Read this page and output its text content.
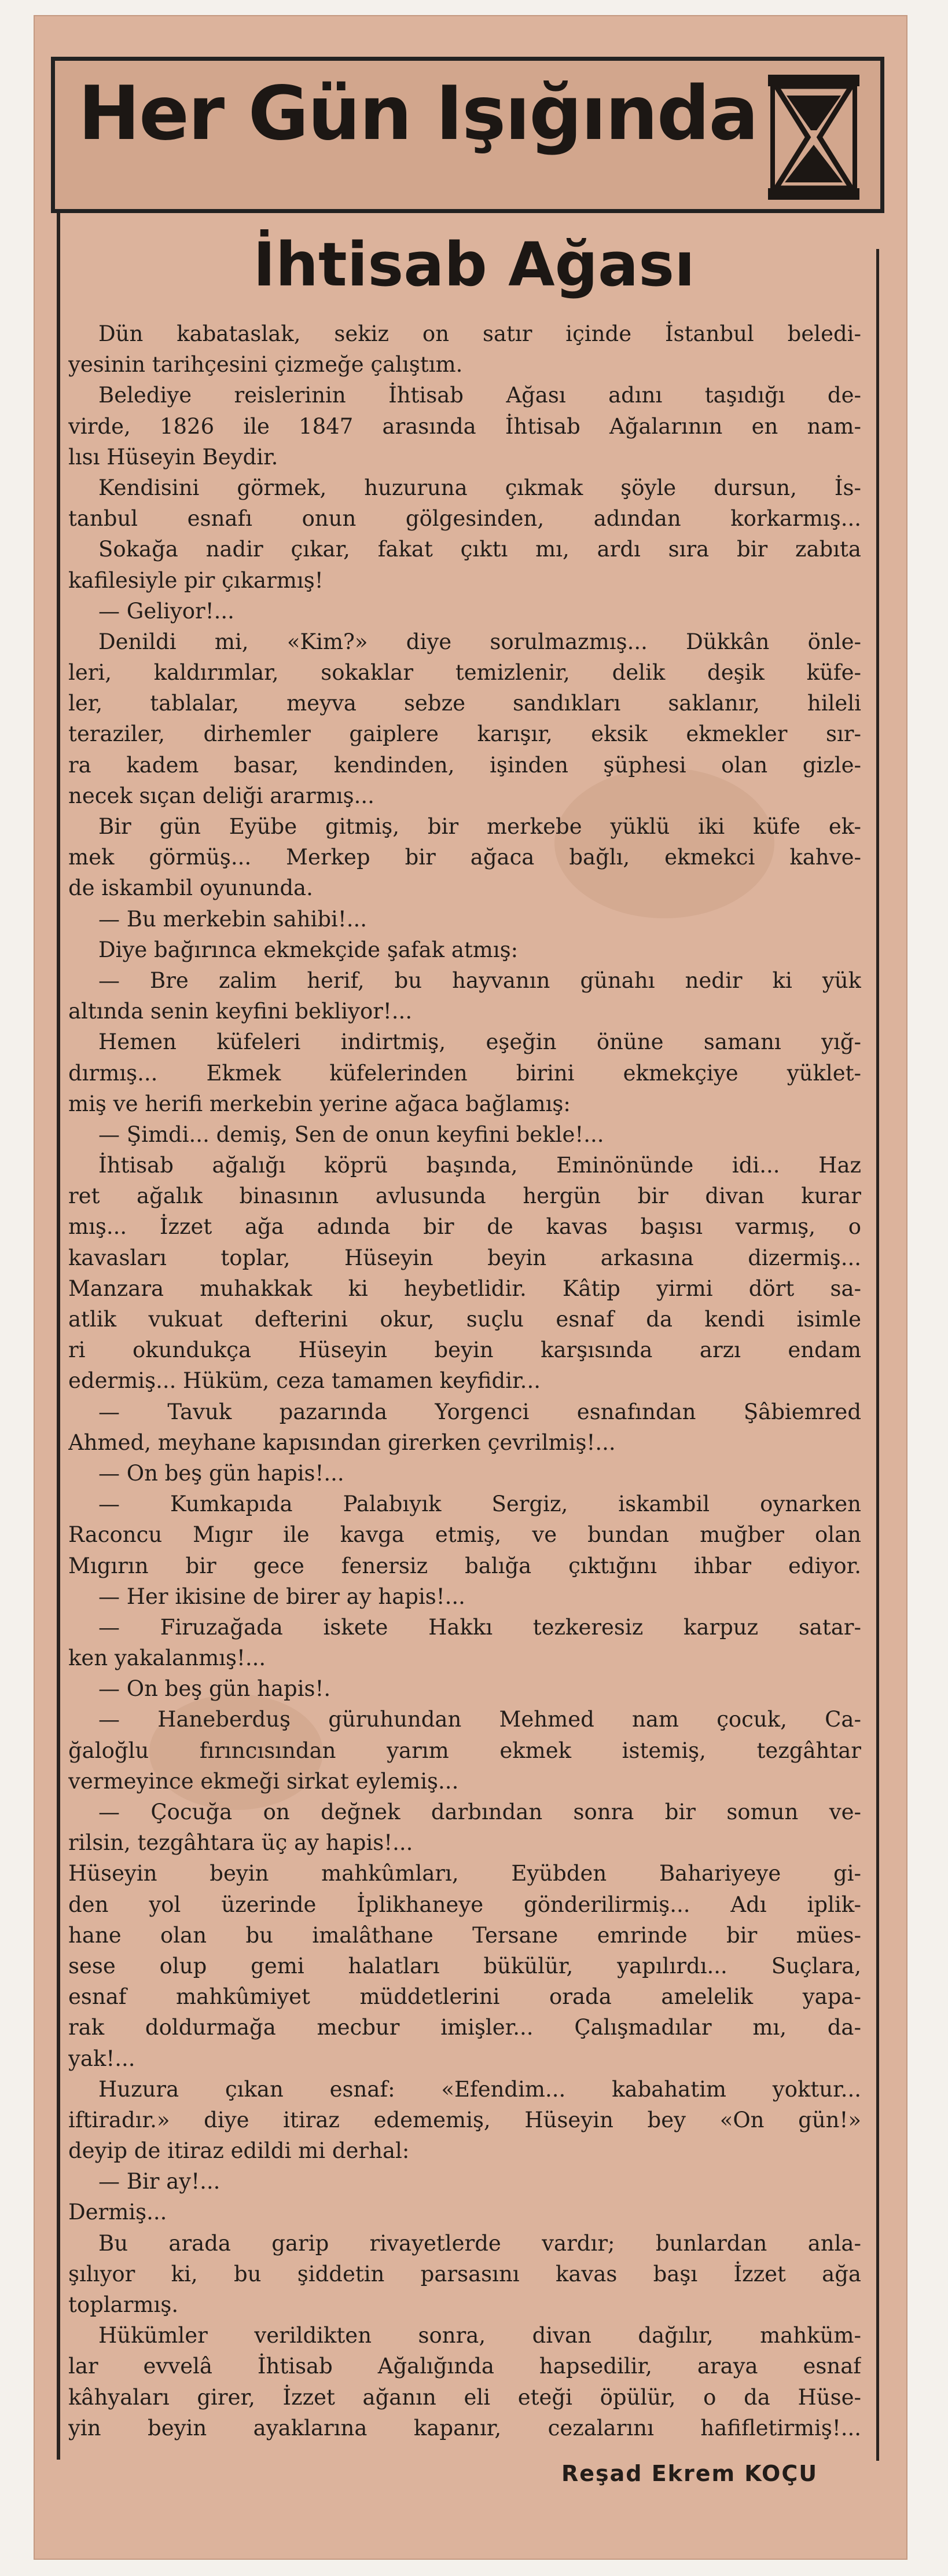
Her Gün Işığında
İhtisab Ağası
Dün kabataslak, sekiz on satır içinde İstanbul beledi-
yesinin tarihçesini çizmeğe çalıştım.
Belediye reislerinin İhtisab Ağası adını taşıdığı de-
virde, 1826 ile 1847 arasında İhtisab Ağalarının en nam-
lısı Hüseyin Beydir.
Kendisini görmek, huzuruna çıkmak şöyle dursun, İs-
tanbul esnafı onun gölgesinden, adından korkarmış...
Sokağa nadir çıkar, fakat çıktı mı, ardı sıra bir zabıta
kafilesiyle pir çıkarmış!
— Geliyor!...
Denildi mi, «Kim?» diye sorulmazmış... Dükkân önle-
leri, kaldırımlar, sokaklar temizlenir, delik deşik küfe-
ler, tablalar, meyva sebze sandıkları saklanır, hileli
teraziler, dirhemler gaiplere karışır, eksik ekmekler sır-
ra kadem basar, kendinden, işinden şüphesi olan gizle-
necek sıçan deliği ararmış...
Bir gün Eyübe gitmiş, bir merkebe yüklü iki küfe ek-
mek görmüş... Merkep bir ağaca bağlı, ekmekci kahve-
de iskambil oyununda.
— Bu merkebin sahibi!...
Diye bağırınca ekmekçide şafak atmış:
— Bre zalim herif, bu hayvanın günahı nedir ki yük
altında senin keyfini bekliyor!...
Hemen küfeleri indirtmiş, eşeğin önüne samanı yığ-
dırmış... Ekmek küfelerinden birini ekmekçiye yüklet-
miş ve herifi merkebin yerine ağaca bağlamış:
— Şimdi... demiş, Sen de onun keyfini bekle!...
İhtisab ağalığı köprü başında, Eminönünde idi... Haz
ret ağalık binasının avlusunda hergün bir divan kurar
mış... İzzet ağa adında bir de kavas başısı varmış, o
kavasları toplar, Hüseyin beyin arkasına dizermiş...
Manzara muhakkak ki heybetlidir. Kâtip yirmi dört sa-
atlik vukuat defterini okur, suçlu esnaf da kendi isimle
ri okundukça Hüseyin beyin karşısında arzı endam
edermiş... Hüküm, ceza tamamen keyfidir...
— Tavuk pazarında Yorgenci esnafından Şâbiemred
Ahmed, meyhane kapısından girerken çevrilmiş!...
— On beş gün hapis!...
— Kumkapıda Palabıyık Sergiz, iskambil oynarken
Raconcu Mıgır ile kavga etmiş, ve bundan muğber olan
Mıgırın bir gece fenersiz balığa çıktığını ihbar ediyor.
— Her ikisine de birer ay hapis!...
— Firuzağada iskete Hakkı tezkeresiz karpuz satar-
ken yakalanmış!...
— On beş gün hapis!.
— Haneberduş güruhundan Mehmed nam çocuk, Ca-
ğaloğlu fırıncısından yarım ekmek istemiş, tezgâhtar
vermeyince ekmeği sirkat eylemiş...
— Çocuğa on değnek darbından sonra bir somun ve-
rilsin, tezgâhtara üç ay hapis!...
Hüseyin beyin mahkûmları, Eyübden Bahariyeye gi-
den yol üzerinde İplikhaneye gönderilirmiş... Adı iplik-
hane olan bu imalâthane Tersane emrinde bir mües-
sese olup gemi halatları bükülür, yapılırdı... Suçlara,
esnaf mahkûmiyet müddetlerini orada amelelik yapa-
rak doldurmağa mecbur imişler... Çalışmadılar mı, da-
yak!...
Huzura çıkan esnaf: «Efendim... kabahatim yoktur...
iftiradır.» diye itiraz edememiş, Hüseyin bey «On gün!»
deyip de itiraz edildi mi derhal:
— Bir ay!...
Dermiş...
Bu arada garip rivayetlerde vardır; bunlardan anla-
şılıyor ki, bu şiddetin parsasını kavas başı İzzet ağa
toplarmış.
Hükümler verildikten sonra, divan dağılır, mahküm-
lar evvelâ İhtisab Ağalığında hapsedilir, araya esnaf
kâhyaları girer, İzzet ağanın eli eteği öpülür, o da Hüse-
yin beyin ayaklarına kapanır, cezalarını hafifletirmiş!...
Reşad Ekrem KOÇU
